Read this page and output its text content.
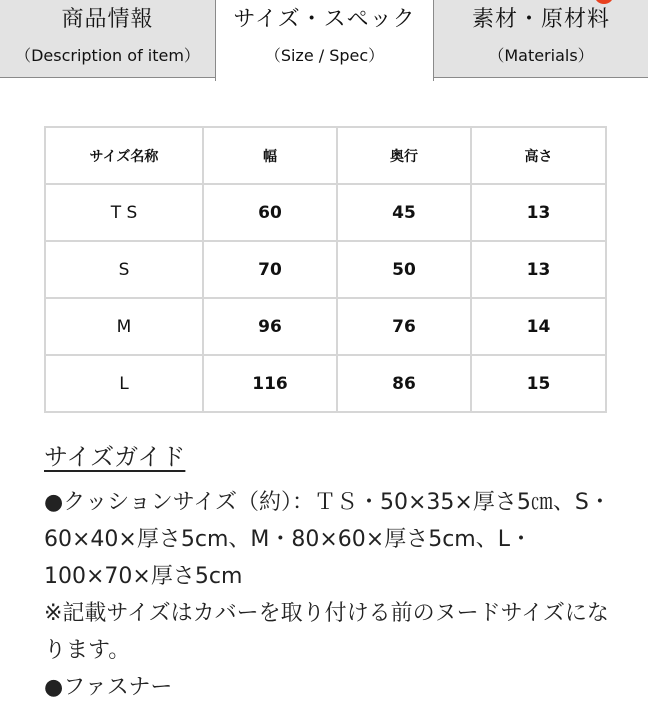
商品情報
（Description of item）
サイズ・スペック
（Size / Spec）
素材・原材料
（Materials）
サイズ名称	幅	奥行	高さ
T S	60	45	13
S	70	50	13
M	96	76	14
L	116	86	15
サイズガイド

●クッションサイズ（約）：ＴＳ・50×35×厚さ5㎝、S・60×40×厚さ5cm、M・80×60×厚さ5cm、L・100×70×厚さ5cm

※記載サイズはカバーを取り付ける前のヌードサイズになります。

●ファスナー
